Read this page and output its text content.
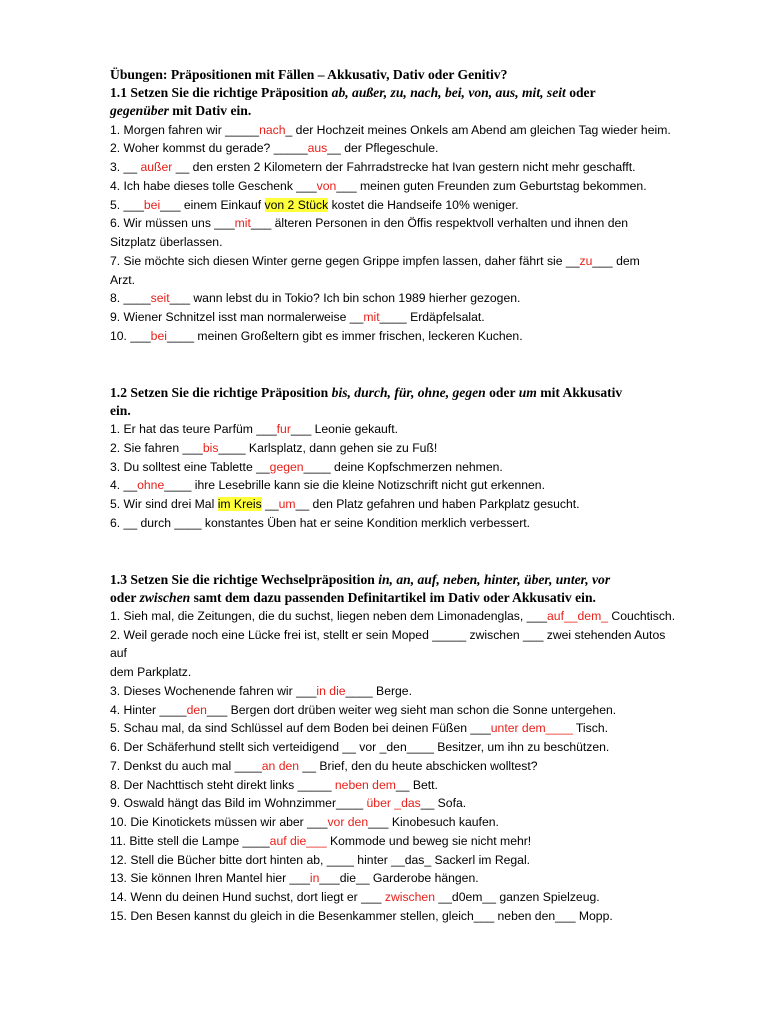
Übungen: Präpositionen mit Fällen – Akkusativ, Dativ oder Genitiv?

1.1 Setzen Sie die richtige Präposition ab, außer, zu, nach, bei, von, aus, mit, seit oder

gegenüber mit Dativ ein.

1. Morgen fahren wir _____nach_ der Hochzeit meines Onkels am Abend am gleichen Tag wieder heim.
2. Woher kommst du gerade? _____aus__ der Pflegeschule.
3. __ außer __ den ersten 2 Kilometern der Fahrradstrecke hat Ivan gestern nicht mehr geschafft.
4. Ich habe dieses tolle Geschenk ___von___ meinen guten Freunden zum Geburtstag bekommen.
5. ___bei___ einem Einkauf von 2 Stück kostet die Handseife 10% weniger.
6. Wir müssen uns ___mit___ älteren Personen in den Öffis respektvoll verhalten und ihnen den
Sitzplatz überlassen.
7. Sie möchte sich diesen Winter gerne gegen Grippe impfen lassen, daher fährt sie __zu___ dem
Arzt.
8. ____seit___ wann lebst du in Tokio? Ich bin schon 1989 hierher gezogen.
9. Wiener Schnitzel isst man normalerweise __mit____ Erdäpfelsalat.
10. ___bei____ meinen Großeltern gibt es immer frischen, leckeren Kuchen.

1.2 Setzen Sie die richtige Präposition bis, durch, für, ohne, gegen oder um mit Akkusativ

ein.

1. Er hat das teure Parfüm ___fur___ Leonie gekauft.
2. Sie fahren ___bis____ Karlsplatz, dann gehen sie zu Fuß!
3. Du solltest eine Tablette __gegen____ deine Kopfschmerzen nehmen.
4. __ohne____ ihre Lesebrille kann sie die kleine Notizschrift nicht gut erkennen.
5. Wir sind drei Mal im Kreis __um__ den Platz gefahren und haben Parkplatz gesucht.
6. __ durch ____ konstantes Üben hat er seine Kondition merklich verbessert.

1.3 Setzen Sie die richtige Wechselpräposition in, an, auf, neben, hinter, über, unter, vor

oder zwischen samt dem dazu passenden Definitartikel im Dativ oder Akkusativ ein.

1. Sieh mal, die Zeitungen, die du suchst, liegen neben dem Limonadenglas, ___auf__dem_ Couchtisch.
2. Weil gerade noch eine Lücke frei ist, stellt er sein Moped _____ zwischen ___ zwei stehenden Autos
auf
dem Parkplatz.
3. Dieses Wochenende fahren wir ___in die____ Berge.
4. Hinter ____den___ Bergen dort drüben weiter weg sieht man schon die Sonne untergehen.
5. Schau mal, da sind Schlüssel auf dem Boden bei deinen Füßen ___unter dem____ Tisch.
6. Der Schäferhund stellt sich verteidigend __ vor _den____ Besitzer, um ihn zu beschützen.
7. Denkst du auch mal ____an den __ Brief, den du heute abschicken wolltest?
8. Der Nachttisch steht direkt links _____ neben dem__ Bett.
9. Oswald hängt das Bild im Wohnzimmer____ über _das__ Sofa.
10. Die Kinotickets müssen wir aber ___vor den___ Kinobesuch kaufen.
11. Bitte stell die Lampe ____auf die___ Kommode und beweg sie nicht mehr!
12. Stell die Bücher bitte dort hinten ab, ____ hinter __das_ Sackerl im Regal.
13. Sie können Ihren Mantel hier ___in___die__ Garderobe hängen.
14. Wenn du deinen Hund suchst, dort liegt er ___ zwischen __d0em__ ganzen Spielzeug.
15. Den Besen kannst du gleich in die Besenkammer stellen, gleich___ neben den___ Mopp.
